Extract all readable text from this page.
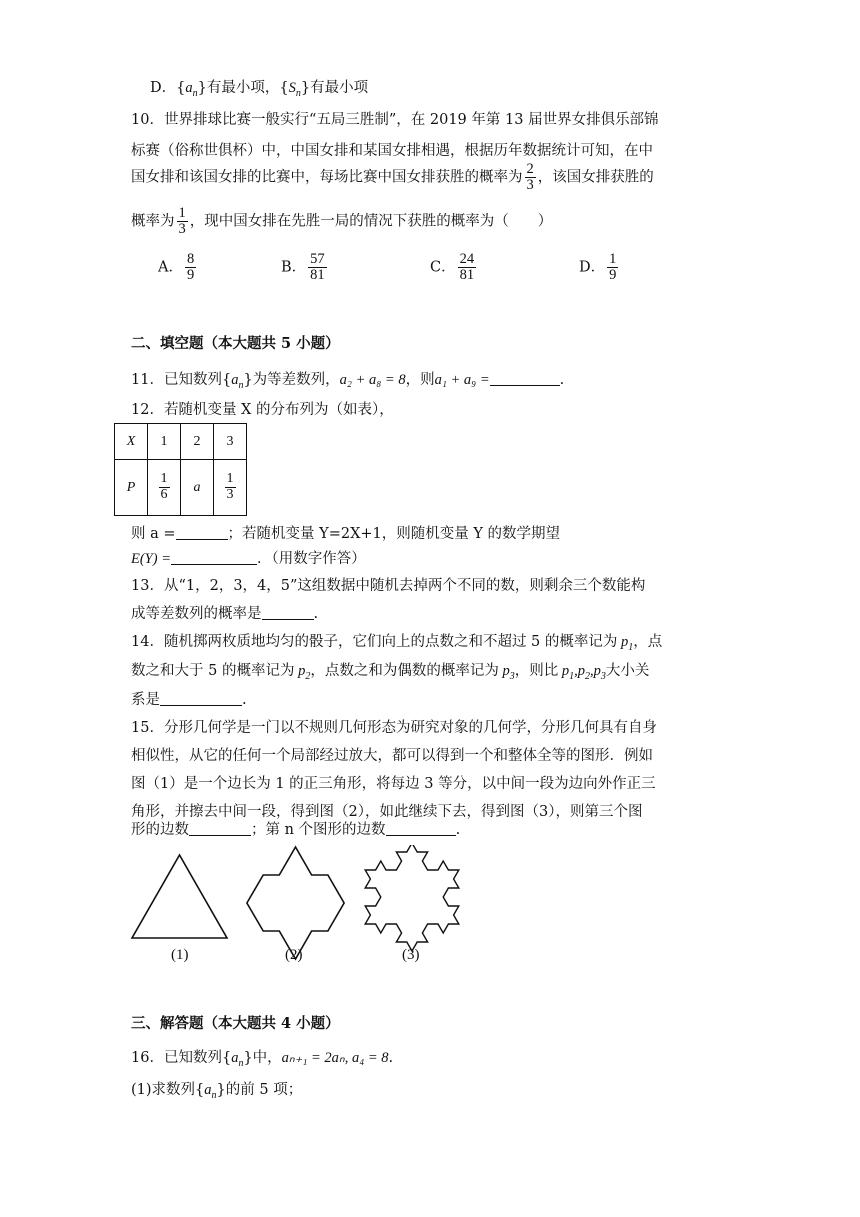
D．$\{a_n\}$有最小项，$\{S_n\}$有最小项
10．世界排球比赛一般实行“五局三胜制”，在 2019 年第 13 届世界女排俱乐部锦
标赛（俗称世俱杯）中，中国女排和某国女排相遇，根据历年数据统计可知，在中
国女排和该国女排的比赛中，每场比赛中国女排获胜的概率为 $\frac{2}{3}$ ，该国女排获胜的
概率为 $\frac{1}{3}$ ，现中国女排在先胜一局的情况下获胜的概率为（　　）
A． $\frac{8}{9}$	B． $\frac{57}{81}$	C． $\frac{24}{81}$	D． $\frac{1}{9}$
二、填空题（本大题共 5 小题）
11．已知数列$\{a_n\}$为等差数列，a₂ + a₈ = 8，则a₁ + a₉ =	.
12．若随机变量 X 的分布列为（如表），
X	1	2	3
P	$\frac{1}{6}$	a	$\frac{1}{3}$
则 a =	；若随机变量 Y=2X+1，则随机变量 Y 的数学期望
E(Y) =	．（用数字作答）
13．从“1，2，3，4，5”这组数据中随机去掉两个不同的数，则剩余三个数能构
成等差数列的概率是	.
14．随机掷两枚质地均匀的骰子，它们向上的点数之和不超过 5 的概率记为 $p_1$，点
数之和大于 5 的概率记为 $p_2$，点数之和为偶数的概率记为 $p_3$，则比 $p_1,p_2,p_3$大小关
系是	.
15．分形几何学是一门以不规则几何形态为研究对象的几何学，分形几何具有自身
相似性，从它的任何一个局部经过放大，都可以得到一个和整体全等的图形．例如
图（1）是一个边长为 1 的正三角形，将每边 3 等分，以中间一段为边向外作正三
角形，并擦去中间一段，得到图（2），如此继续下去，得到图（3），则第三个图
形的边数	；第 n 个图形的边数	.
(1)	(2)	(3)
三、解答题（本大题共 4 小题）
16．已知数列$\{a_n\}$中，aₙ₊₁ = 2aₙ, a₄ = 8.
(1)求数列$\{a_n\}$的前 5 项；
